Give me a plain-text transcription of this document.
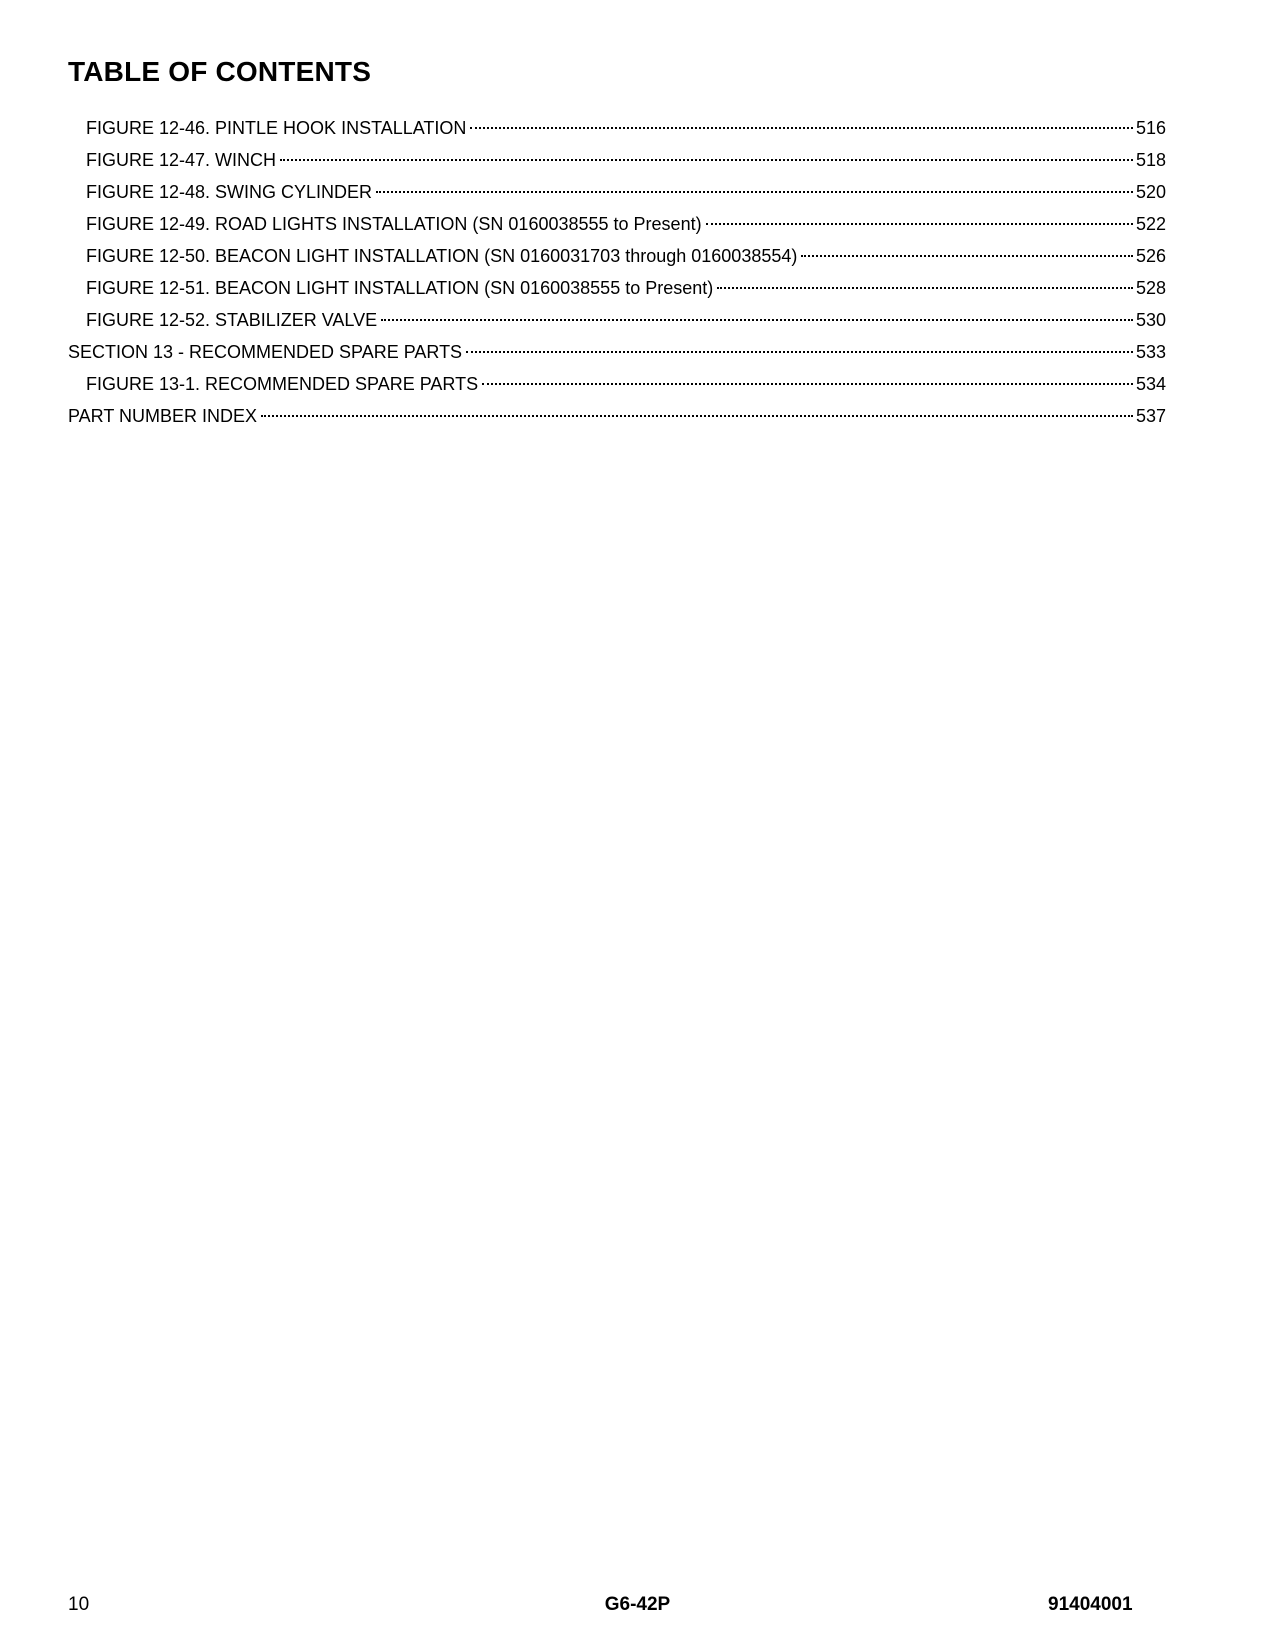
TABLE OF CONTENTS
FIGURE 12-46. PINTLE HOOK INSTALLATION	516
FIGURE 12-47. WINCH	518
FIGURE 12-48. SWING CYLINDER	520
FIGURE 12-49. ROAD LIGHTS INSTALLATION (SN 0160038555 to Present)	522
FIGURE 12-50. BEACON LIGHT INSTALLATION (SN 0160031703 through 0160038554)	526
FIGURE 12-51. BEACON LIGHT INSTALLATION (SN 0160038555 to Present)	528
FIGURE 12-52. STABILIZER VALVE	530
SECTION 13 - RECOMMENDED SPARE PARTS	533
FIGURE 13-1. RECOMMENDED SPARE PARTS	534
PART NUMBER INDEX	537
10	G6-42P	91404001
